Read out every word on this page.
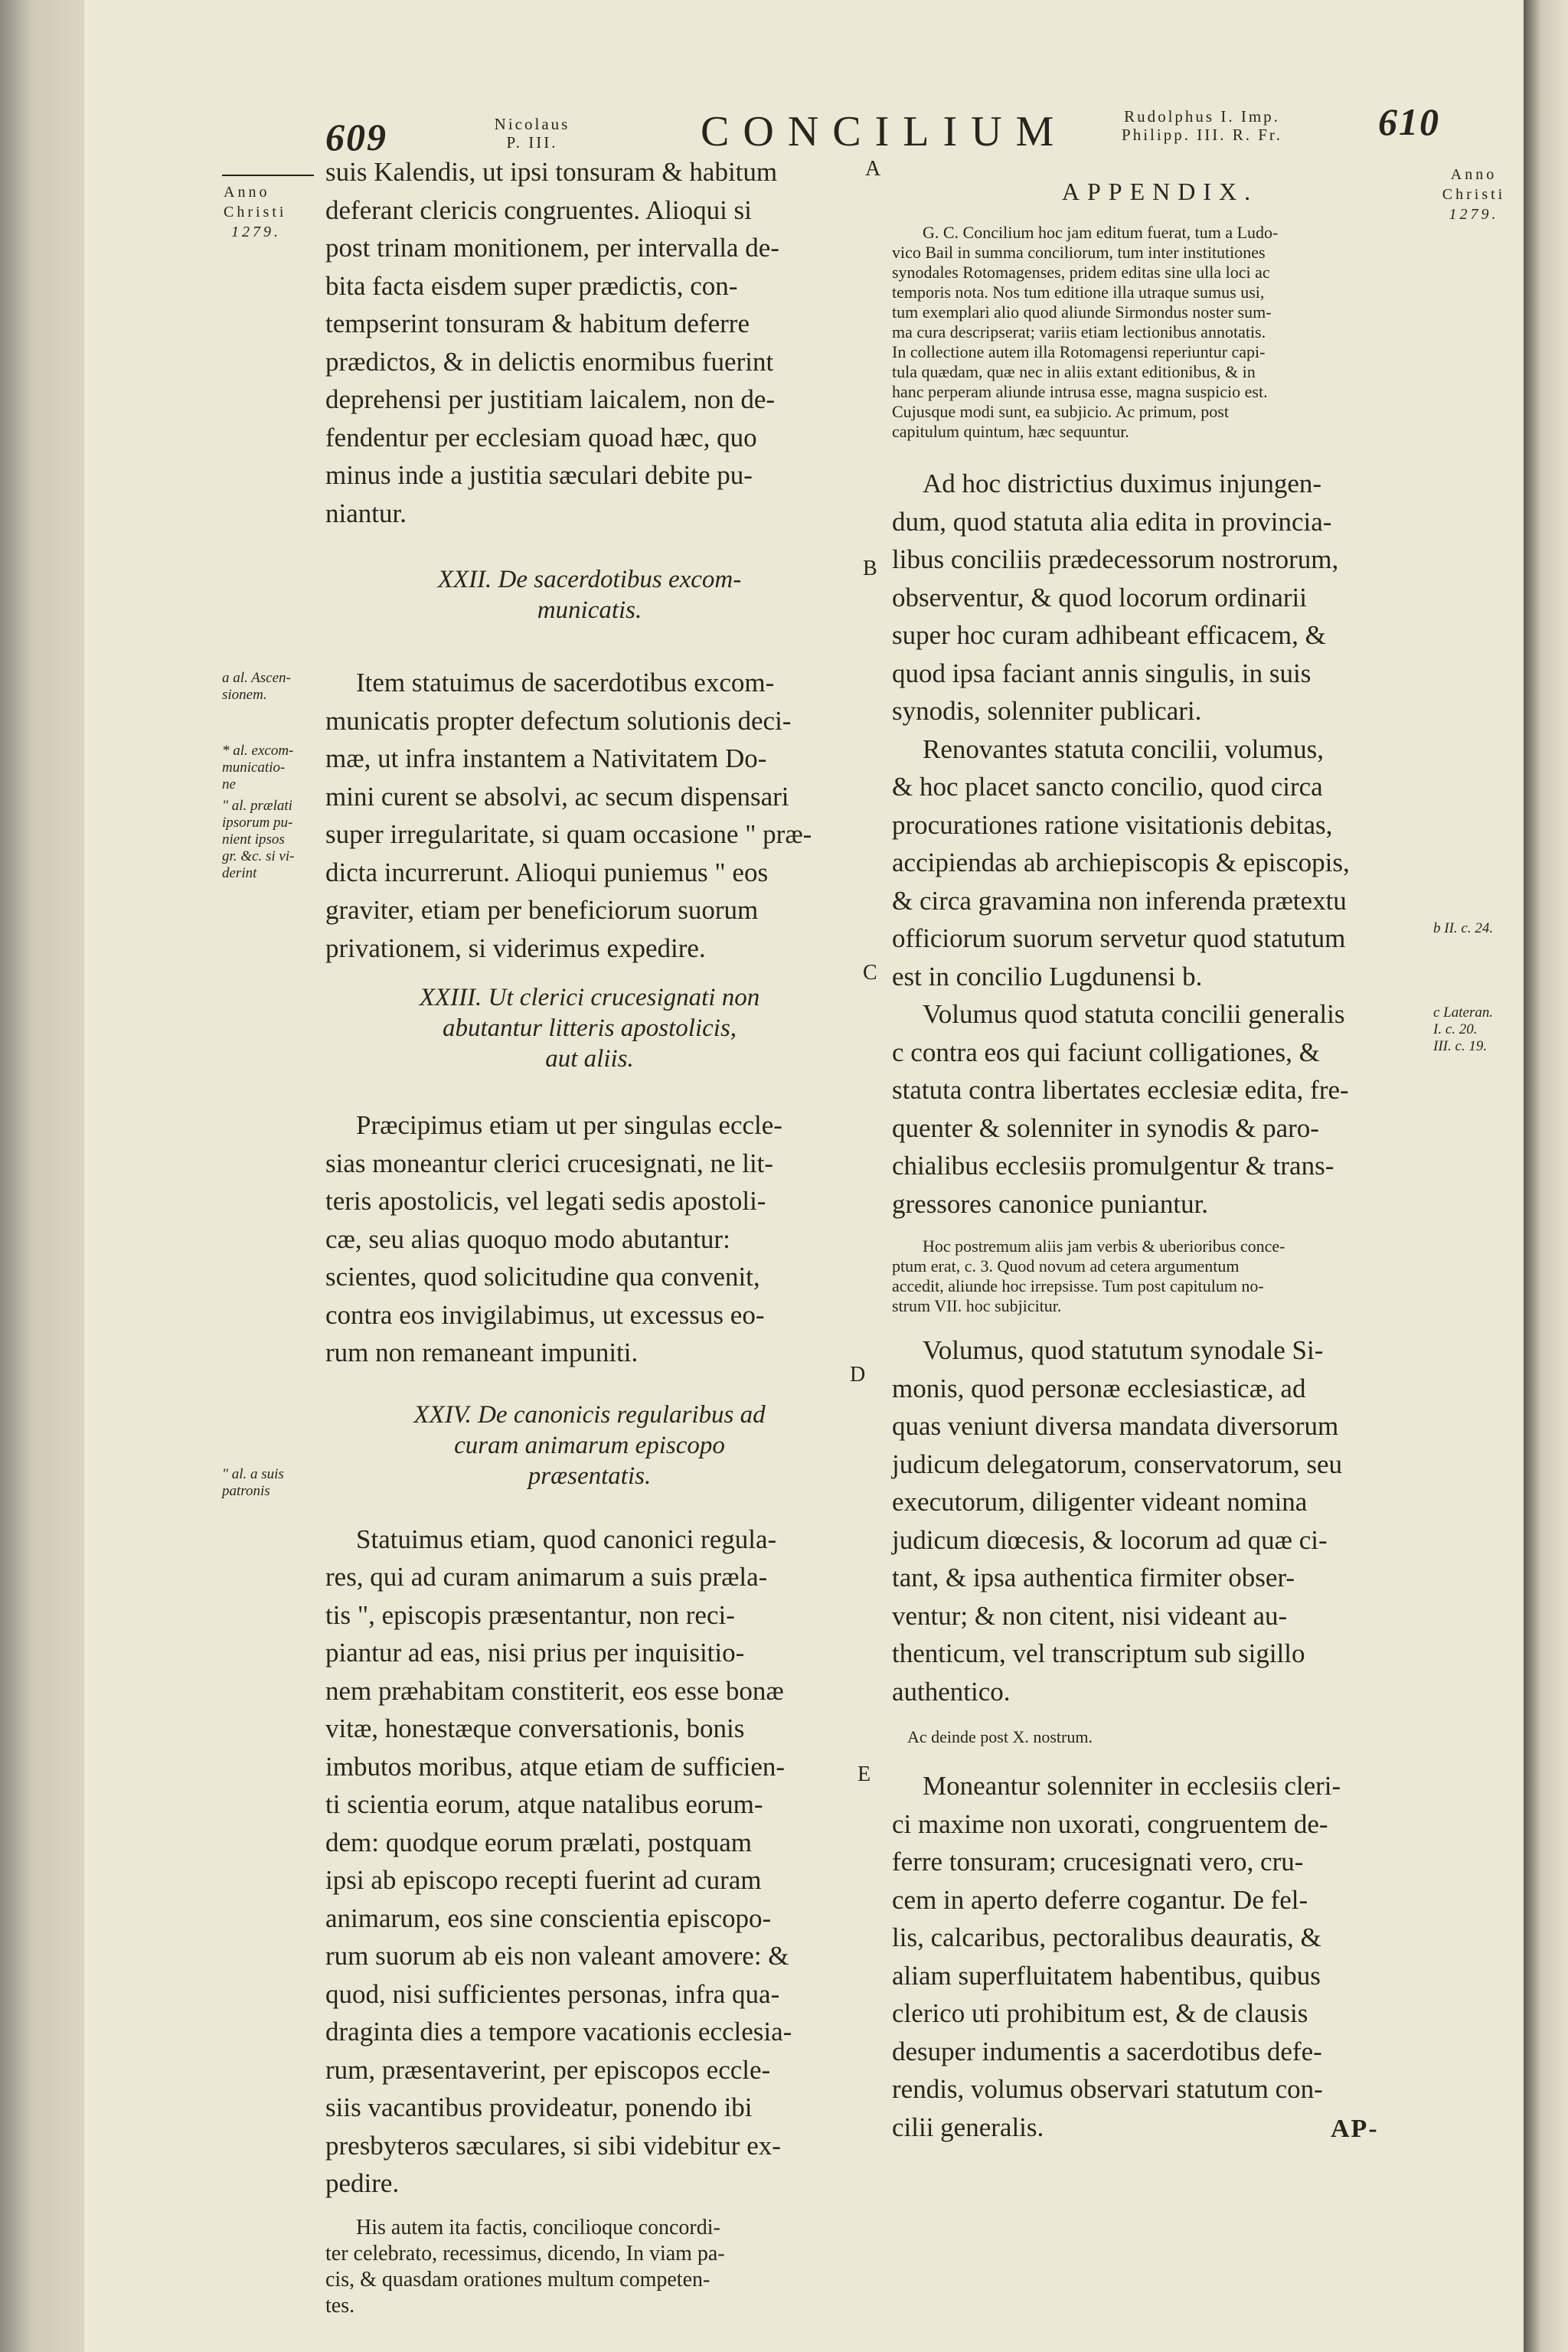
609	Nicolaus
P. III.	CONCILIUM	Rudolphus I. Imp.
Philipp. III. R. Fr.	610
Anno
Christi
1279.
a al. Ascen-
sionem.
* al. excom-
municatio-
ne
" al. prælati
ipsorum pu-
nient ipsos
gr. &c. si vi-
derint
" al. a suis
patronis
Anno
Christi
1279.
b II. c. 24.
c Lateran.
I. c. 20.
III. c. 19.
A
B
C
D
E
suis Kalendis, ut ipsi tonsuram & habitum
deferant clericis congruentes. Alioqui si
post trinam monitionem, per intervalla de-
bita facta eisdem super prædictis, con-
tempserint tonsuram & habitum deferre
prædictos, & in delictis enormibus fuerint
deprehensi per justitiam laicalem, non de-
fendentur per ecclesiam quoad hæc, quo
minus inde a justitia sæculari debite pu-
niantur.
XXII. De sacerdotibus excom-
municatis.
Item statuimus de sacerdotibus excom-
municatis propter defectum solutionis deci-
mæ, ut infra instantem a Nativitatem Do-
mini curent se absolvi, ac secum dispensari
super irregularitate, si quam occasione " præ-
dicta incurrerunt. Alioqui puniemus " eos
graviter, etiam per beneficiorum suorum
privationem, si viderimus expedire.
XXIII. Ut clerici crucesignati non
abutantur litteris apostolicis,
aut aliis.
Præcipimus etiam ut per singulas eccle-
sias moneantur clerici crucesignati, ne lit-
teris apostolicis, vel legati sedis apostoli-
cæ, seu alias quoquo modo abutantur:
scientes, quod solicitudine qua convenit,
contra eos invigilabimus, ut excessus eo-
rum non remaneant impuniti.
XXIV. De canonicis regularibus ad
curam animarum episcopo
præsentatis.
Statuimus etiam, quod canonici regula-
res, qui ad curam animarum a suis præla-
tis ", episcopis præsentantur, non reci-
piantur ad eas, nisi prius per inquisitio-
nem præhabitam constiterit, eos esse bonæ
vitæ, honestæque conversationis, bonis
imbutos moribus, atque etiam de sufficien-
ti scientia eorum, atque natalibus eorum-
dem: quodque eorum prælati, postquam
ipsi ab episcopo recepti fuerint ad curam
animarum, eos sine conscientia episcopo-
rum suorum ab eis non valeant amovere: &
quod, nisi sufficientes personas, infra qua-
draginta dies a tempore vacationis ecclesia-
rum, præsentaverint, per episcopos eccle-
siis vacantibus providеatur, ponendo ibi
presbyteros sæculares, si sibi videbitur ex-
pedire.
His autem ita factis, conciliоque concordi-
ter celebrato, recessimus, dicendo, In viam pa-
cis, & quasdam orationes multum competen-
tes.
APPENDIX.
G. C. Concilium hoc jam editum fuerat, tum a Ludo-
vico Bail in summa conciliorum, tum inter institutiones
synodales Rotomagenses, pridem editas sine ulla loci ac
temporis nota. Nos tum editione illa utraque sumus usi,
tum exemplari alio quod aliunde Sirmondus noster sum-
ma cura descripserat; variis etiam lectionibus annotatis.
In collectione autem illa Rotomagensi reperiuntur capi-
tula quædam, quæ nec in aliis extant editionibus, & in
hanc perperam aliunde intrusa esse, magna suspicio est.
Cujusque modi sunt, ea subjicio. Ac primum, post
capitulum quintum, hæc sequuntur.
Ad hoc districtius duximus injungen-
dum, quod statuta alia edita in provincia-
libus conciliis prædecessorum nostrorum,
observentur, & quod locorum ordinarii
super hoc curam adhibeant efficacem, &
quod ipsa faciant annis singulis, in suis
synodis, solenniter publicari.
Renovantes statuta concilii, volumus,
& hoc placet sancto concilio, quod circa
procurationes ratione visitationis debitas,
accipiendas ab archiepiscopis & episcopis,
& circa gravamina non inferenda prætextu
officiorum suorum servetur quod statutum
est in concilio Lugdunensi b.
Volumus quod statuta concilii generalis
c contra eos qui faciunt colligationes, &
statuta contra libertates ecclesiæ edita, fre-
quenter & solenniter in synodis & paro-
chialibus ecclesiis promulgentur & trans-
gressores canonice puniantur.
Hoc postremum aliis jam verbis & uberioribus conce-
ptum erat, c. 3. Quod novum ad cetera argumentum
accedit, aliunde hoc irrepsisse. Tum post capitulum no-
strum VII. hoc subjicitur.
Volumus, quod statutum synodale Si-
monis, quod personæ ecclesiasticæ, ad
quas veniunt diversa mandata diversorum
judicum delegatorum, conservatorum, seu
executorum, diligenter videant nomina
judicum diœcesis, & locorum ad quæ ci-
tant, & ipsa authentica firmiter obser-
ventur; & non citent, nisi videant au-
thenticum, vel transcriptum sub sigillo
authentico.
Ac deinde post X. nostrum.
Moneantur solenniter in ecclesiis cleri-
ci maxime non uxorati, congruentem de-
ferre tonsuram; crucesignati vero, cru-
cem in aperto deferre cogantur. De fel-
lis, calcaribus, pectoralibus deauratis, &
aliam superfluitatem habentibus, quibus
clerico uti prohibitum est, & de clausis
desuper indumentis a sacerdotibus defe-
rendis, volumus observari statutum con-
cilii generalis.	AP-
